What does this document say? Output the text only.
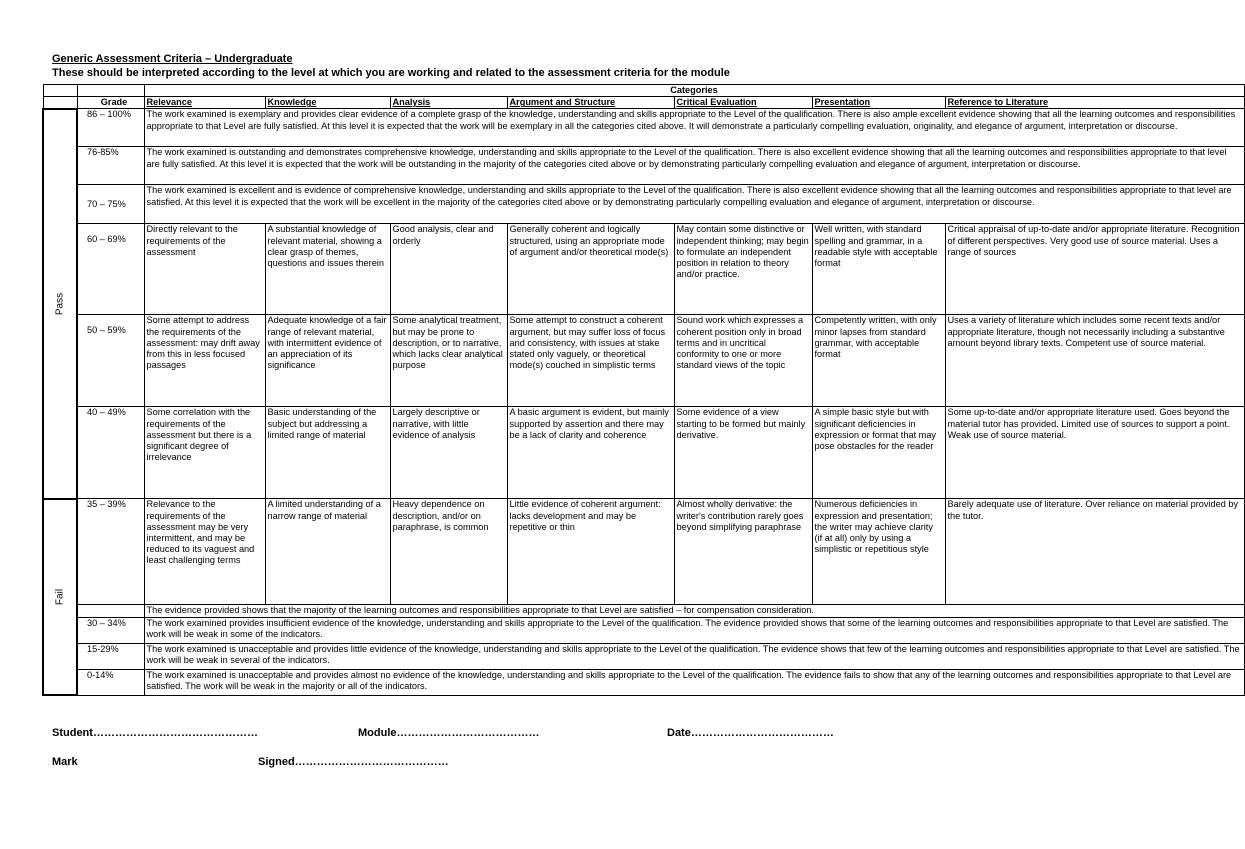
Generic Assessment Criteria – Undergraduate
These should be interpreted according to the level at which you are working and related to the assessment criteria for the module
		Categories						
	Grade	Relevance	Knowledge	Analysis	Argument and Structure	Critical Evaluation	Presentation	Reference to Literature

Pass	86 – 100%	The work examined is exemplary and provides clear evidence of a complete grasp of the knowledge, understanding and skills appropriate to the Level of the qualification. There is also ample excellent evidence showing that all the learning outcomes and responsibilities appropriate to that Level are fully satisfied. At this level it is expected that the work will be exemplary in all the categories cited above. It will demonstrate a particularly compelling evaluation, originality, and elegance of argument, interpretation or discourse.						
	76-85%	The work examined is outstanding and demonstrates comprehensive knowledge, understanding and skills appropriate to the Level of the qualification. There is also excellent evidence showing that all the learning outcomes and responsibilities appropriate to that level are fully satisfied. At this level it is expected that the work will be outstanding in the majority of the categories cited above or by demonstrating particularly compelling evaluation and elegance of argument, interpretation or discourse.						
	70 – 75%	The work examined is excellent and is evidence of comprehensive knowledge, understanding and skills appropriate to the Level of the qualification. There is also excellent evidence showing that all the learning outcomes and responsibilities appropriate to that level are satisfied. At this level it is expected that the work will be excellent in the majority of the categories cited above or by demonstrating particularly compelling evaluation and elegance of argument, interpretation or discourse.						
	60 – 69%	Directly relevant to the requirements of the assessment	A substantial knowledge of relevant material, showing a clear grasp of themes, questions and issues therein	Good analysis, clear and orderly	Generally coherent and logically structured, using an appropriate mode of argument and/or theoretical mode(s)	May contain some distinctive or independent thinking; may begin to formulate an independent position in relation to theory and/or practice.	Well written, with standard spelling and grammar, in a readable style with acceptable format	Critical appraisal of up-to-date and/or appropriate literature. Recognition of different perspectives. Very good use of source material. Uses a range of sources
	50 – 59%	Some attempt to address the requirements of the assessment: may drift away from this in less focused passages	Adequate knowledge of a fair range of relevant material, with intermittent evidence of an appreciation of its significance	Some analytical treatment, but may be prone to description, or to narrative, which lacks clear analytical purpose	Some attempt to construct a coherent argument, but may suffer loss of focus and consistency, with issues at stake stated only vaguely, or theoretical mode(s) couched in simplistic terms	Sound work which expresses a coherent position only in broad terms and in uncritical conformity to one or more standard views of the topic	Competently written, with only minor lapses from standard grammar, with acceptable format	Uses a variety of literature which includes some recent texts and/or appropriate literature, though not necessarily including a substantive amount beyond library texts. Competent use of source material.
	40 – 49%	Some correlation with the requirements of the assessment but there is a significant degree of irrelevance	Basic understanding of the subject but addressing a limited range of material	Largely descriptive or narrative, with little evidence of analysis	A basic argument is evident, but mainly supported by assertion and there may be a lack of clarity and coherence	Some evidence of a view starting to be formed but mainly derivative.	A simple basic style but with significant deficiencies in expression or format that may pose obstacles for the reader	Some up-to-date and/or appropriate literature used. Goes beyond the material tutor has provided. Limited use of sources to support a point. Weak use of source material.

Fail	35 – 39%	Relevance to the requirements of the assessment may be very intermittent, and may be reduced to its vaguest and least challenging terms	A limited understanding of a narrow range of material	Heavy dependence on description, and/or on paraphrase, is common	Little evidence of coherent argument: lacks development and may be repetitive or thin	Almost wholly derivative: the writer's contribution rarely goes beyond simplifying paraphrase	Numerous deficiencies in expression and presentation; the writer may achieve clarity (if at all) only by using a simplistic or repetitious style	Barely adequate use of literature. Over reliance on material provided by the tutor.
		The evidence provided shows that the majority of the learning outcomes and responsibilities appropriate to that Level are satisfied – for compensation consideration.						
	30 – 34%	The work examined provides insufficient evidence of the knowledge, understanding and skills appropriate to the Level of the qualification. The evidence provided shows that some of the learning outcomes and responsibilities appropriate to that Level are satisfied. The work will be weak in some of the indicators.						
	15-29%	The work examined is unacceptable and provides little evidence of the knowledge, understanding and skills appropriate to the Level of the qualification. The evidence shows that few of the learning outcomes and responsibilities appropriate to that Level are satisfied. The work will be weak in several of the indicators.						
	0-14%	The work examined is unacceptable and provides almost no evidence of the knowledge, understanding and skills appropriate to the Level of the qualification. The evidence fails to show that any of the learning outcomes and responsibilities appropriate to that Level are satisfied. The work will be weak in the majority or all of the indicators.						
Student………………………………………	Module…………………………………	Date…………………………………
Mark	Signed……………………………………
